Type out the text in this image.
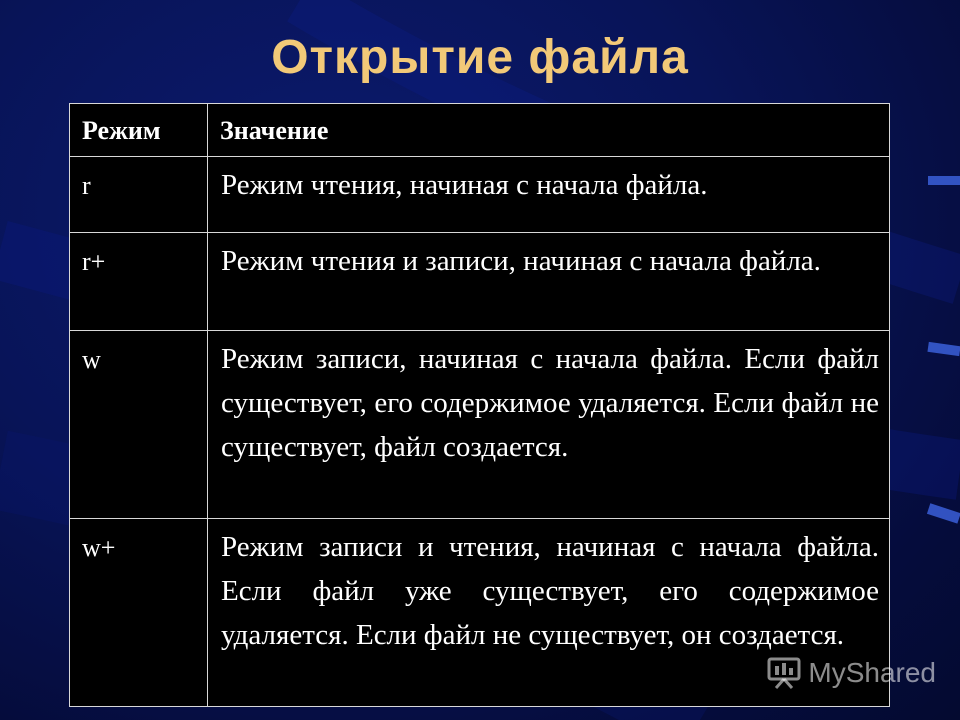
Открытие файла
Режим	Значение
r	Режим чтения, начиная с начала файла.
r+	Режим чтения и записи, начиная с начала файла.
w	Режим записи, начиная с начала файла. Если файл существует, его содержимое удаляется. Если файл не существует, файл создается.
w+	Режим записи и чтения, начиная с начала файла. Если файл уже существует, его содержимое удаляется. Если файл не существует, он создается.
MyShared
